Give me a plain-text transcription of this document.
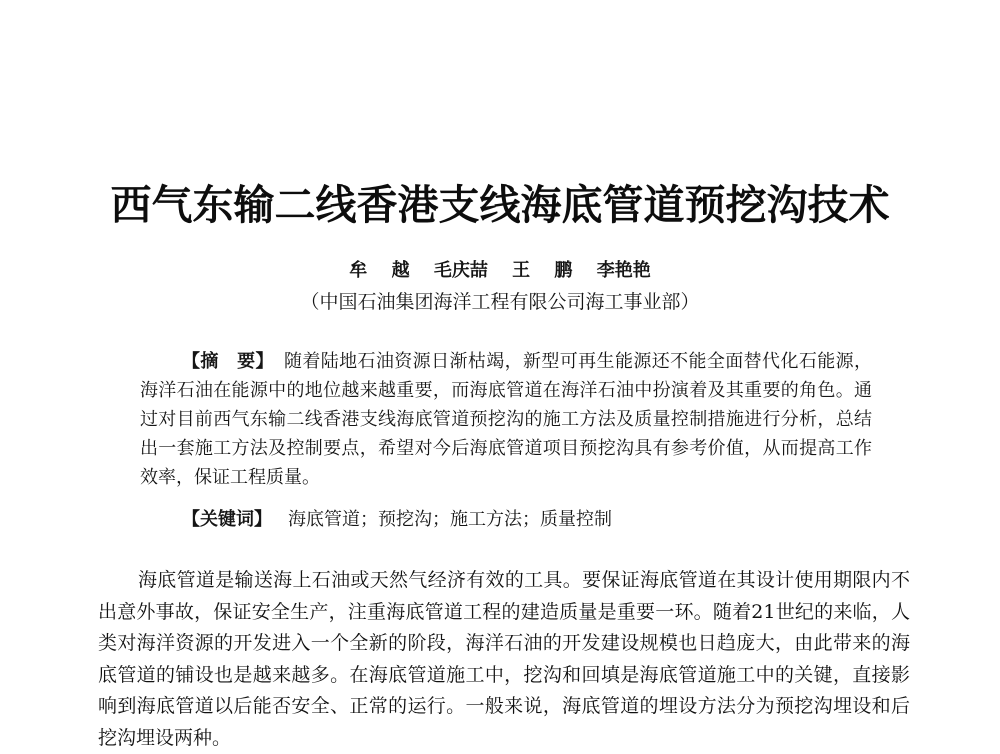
西气东输二线香港支线海底管道预挖沟技术
牟 越 毛庆喆 王 鹏 李艳艳
（中国石油集团海洋工程有限公司海工事业部）

【摘　要】 随着陆地石油资源日渐枯竭，新型可再生能源还不能全面替代化石能源，海洋石油在能源中的地位越来越重要，而海底管道在海洋石油中扮演着及其重要的角色。通过对目前西气东输二线香港支线海底管道预挖沟的施工方法及质量控制措施进行分析，总结出一套施工方法及控制要点，希望对今后海底管道项目预挖沟具有参考价值，从而提高工作效率，保证工程质量。

【关键词】 海底管道；预挖沟；施工方法；质量控制

海底管道是输送海上石油或天然气经济有效的工具。要保证海底管道在其设计使用期限内不出意外事故，保证安全生产，注重海底管道工程的建造质量是重要一环。随着21世纪的来临，人类对海洋资源的开发进入一个全新的阶段，海洋石油的开发建设规模也日趋庞大，由此带来的海底管道的铺设也是越来越多。在海底管道施工中，挖沟和回填是海底管道施工中的关键，直接影响到海底管道以后能否安全、正常的运行。一般来说，海底管道的埋设方法分为预挖沟埋设和后挖沟埋设两种。
